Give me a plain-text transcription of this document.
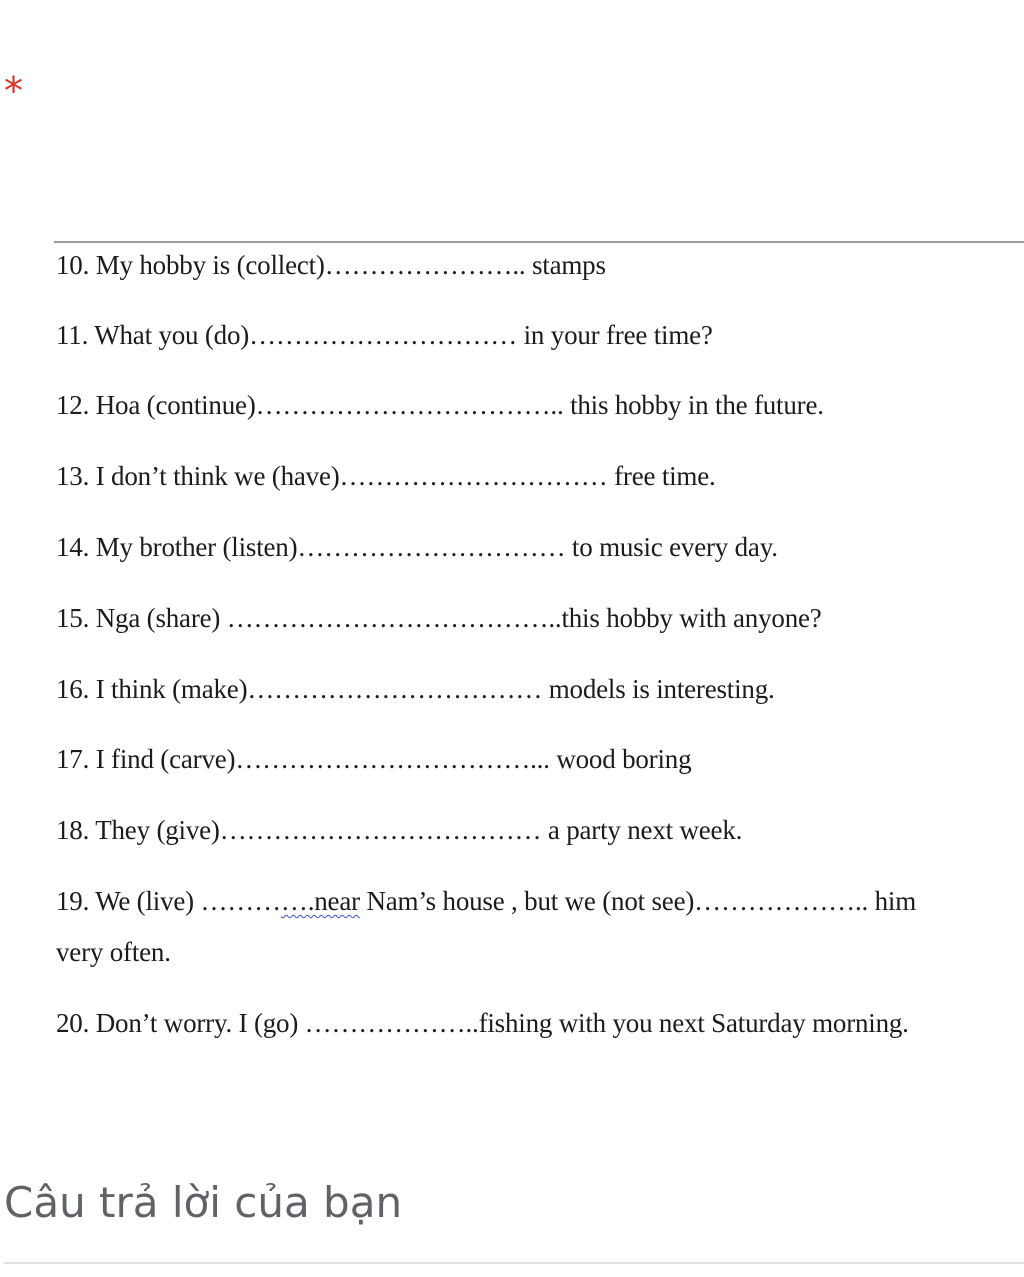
*
10. My hobby is (collect)………………….. stamps
11. What you (do)………………………… in your free time?
12. Hoa (continue)…………………………….. this hobby in the future.
13. I don’t think we (have)………………………… free time.
14. My brother (listen)………………………… to music every day.
15. Nga (share) ………………………………..this hobby with anyone?
16. I think (make)…………………………… models is interesting.
17. I find (carve)……………………………... wood boring
18. They (give)……………………………… a party next week.
19. We (live) ………….near Nam’s house , but we (not see)……………….. him
very often.
20. Don’t worry. I (go) ………………..fishing with you next Saturday morning.
Câu trả lời của bạn
